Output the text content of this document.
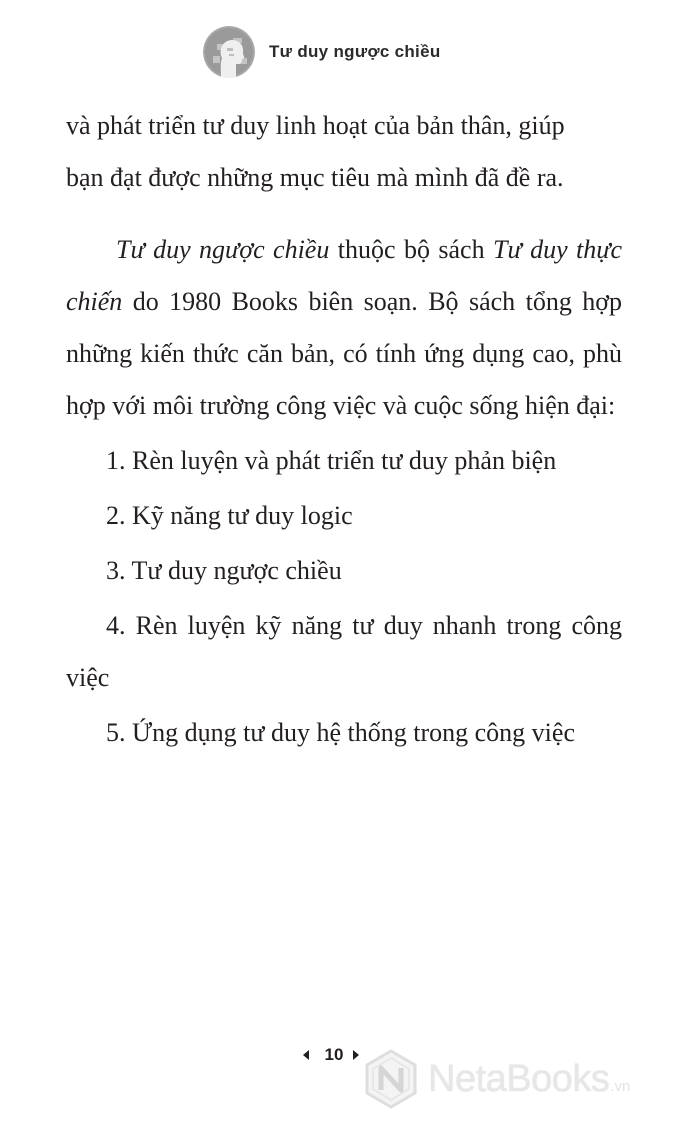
Tư duy ngược chiều

và phát triển tư duy linh hoạt của bản thân, giúp
bạn đạt được những mục tiêu mà mình đã đề ra.

Tư duy ngược chiều thuộc bộ sách Tư duy thực chiến do 1980 Books biên soạn. Bộ sách tổng hợp những kiến thức căn bản, có tính ứng dụng cao, phù hợp với môi trường công việc và cuộc sống hiện đại:

1. Rèn luyện và phát triển tư duy phản biện
2. Kỹ năng tư duy logic
3. Tư duy ngược chiều
4. Rèn luyện kỹ năng tư duy nhanh trong công việc
5. Ứng dụng tư duy hệ thống trong công việc
10
NetaBooks .vn
